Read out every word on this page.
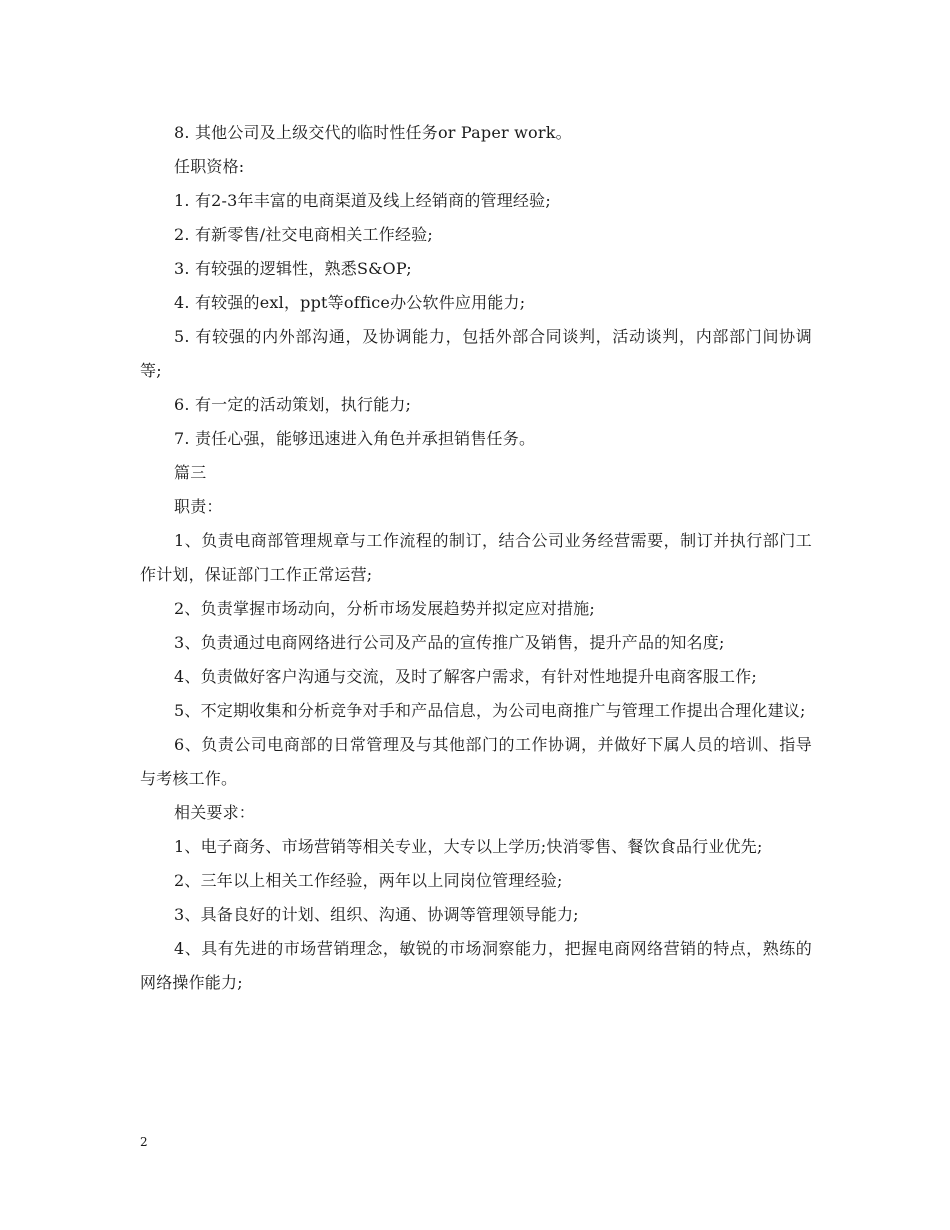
8. 其他公司及上级交代的临时性任务or Paper work。

任职资格:

1. 有2-3年丰富的电商渠道及线上经销商的管理经验;

2. 有新零售/社交电商相关工作经验;

3. 有较强的逻辑性，熟悉S&OP;

4. 有较强的exl，ppt等office办公软件应用能力;

5. 有较强的内外部沟通，及协调能力，包括外部合同谈判，活动谈判，内部部门间协调等;

6. 有一定的活动策划，执行能力;

7. 责任心强，能够迅速进入角色并承担销售任务。

篇三

职责：

1、负责电商部管理规章与工作流程的制订，结合公司业务经营需要，制订并执行部门工作计划，保证部门工作正常运营;

2、负责掌握市场动向，分析市场发展趋势并拟定应对措施;

3、负责通过电商网络进行公司及产品的宣传推广及销售，提升产品的知名度;

4、负责做好客户沟通与交流，及时了解客户需求，有针对性地提升电商客服工作;

5、不定期收集和分析竞争对手和产品信息，为公司电商推广与管理工作提出合理化建议;

6、负责公司电商部的日常管理及与其他部门的工作协调，并做好下属人员的培训、指导与考核工作。

相关要求：

1、电子商务、市场营销等相关专业，大专以上学历;快消零售、餐饮食品行业优先;

2、三年以上相关工作经验，两年以上同岗位管理经验;

3、具备良好的计划、组织、沟通、协调等管理领导能力;

4、具有先进的市场营销理念，敏锐的市场洞察能力，把握电商网络营销的特点，熟练的网络操作能力;

2
